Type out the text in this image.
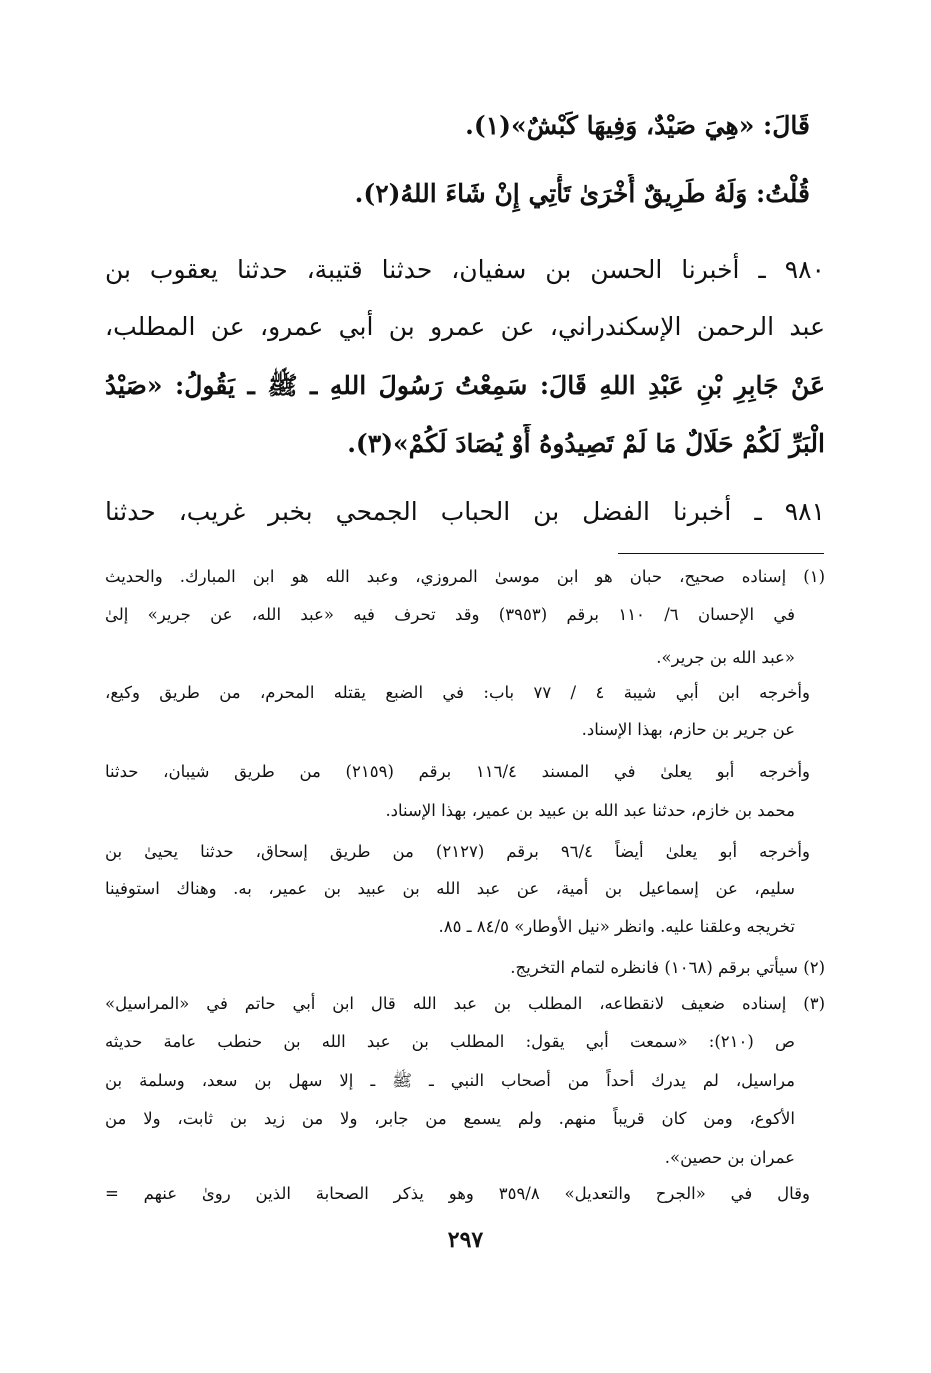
قَالَ: «هِيَ صَيْدٌ، وَفِيهَا كَبْشٌ»(١).
قُلْتُ: وَلَهُ طَرِيقٌ أُخْرَىٰ تَأْتِي إِنْ شَاءَ اللهُ(٢).
٩٨٠ ـ أخبرنا الحسن بن سفيان، حدثنا قتيبة، حدثنا يعقوب بن
عبد الرحمن الإسكندراني، عن عمرو بن أبي عمرو، عن المطلب،
عَنْ جَابِرِ بْنِ عَبْدِ اللهِ قَالَ: سَمِعْتُ رَسُولَ اللهِ ـ ﷺ ـ يَقُولُ: «صَيْدُ
الْبَرِّ لَكُمْ حَلَالٌ مَا لَمْ تَصِيدُوهُ أَوْ يُصَادَ لَكُمْ»(٣).
٩٨١ ـ أخبرنا الفضل بن الحباب الجمحي بخبر غريب، حدثنا
(١) إسناده صحيح، حبان هو ابن موسىٰ المروزي، وعبد الله هو ابن المبارك. والحديث
في الإحسان ٦/ ١١٠ برقم (٣٩٥٣) وقد تحرف فيه «عبد الله، عن جرير» إلىٰ
«عبد الله بن جرير».
وأخرجه ابن أبي شيبة ٤ / ٧٧ باب: في الضبع يقتله المحرم، من طريق وكيع،
عن جرير بن حازم، بهذا الإسناد.
وأخرجه أبو يعلىٰ في المسند ١١٦/٤ برقم (٢١٥٩) من طريق شيبان، حدثنا
محمد بن خازم، حدثنا عبد الله بن عبيد بن عمير، بهذا الإسناد.
وأخرجه أبو يعلىٰ أيضاً ٩٦/٤ برقم (٢١٢٧) من طريق إسحاق، حدثنا يحيىٰ بن
سليم، عن إسماعيل بن أمية، عن عبد الله بن عبيد بن عمير، به. وهناك استوفينا
تخريجه وعلقنا عليه. وانظر «نيل الأوطار» ٨٤/٥ ـ ٨٥.
(٢) سيأتي برقم (١٠٦٨) فانظره لتمام التخريج.
(٣) إسناده ضعيف لانقطاعه، المطلب بن عبد الله قال ابن أبي حاتم في «المراسيل»
ص (٢١٠): «سمعت أبي يقول: المطلب بن عبد الله بن حنطب عامة حديثه
مراسيل، لم يدرك أحداً من أصحاب النبي ـ ﷺ ـ إلا سهل بن سعد، وسلمة بن
الأكوع، ومن كان قريباً منهم. ولم يسمع من جابر، ولا من زيد بن ثابت، ولا من
عمران بن حصين».
وقال في «الجرح والتعديل» ٣٥٩/٨ وهو يذكر الصحابة الذين روىٰ عنهم =
٢٩٧
